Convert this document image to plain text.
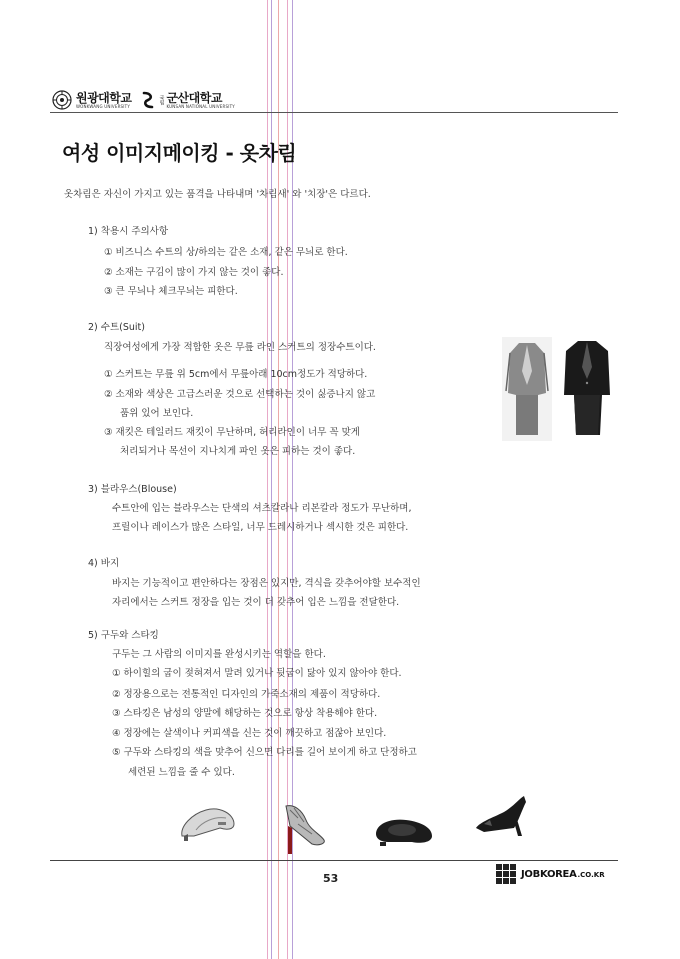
원광대학교
WONKWANG UNIVERSITY
국립 군산대학교
KUNSAN NATIONAL UNIVERSITY
여성 이미지메이킹 - 옷차림
옷차림은 자신이 가지고 있는 품격을 나타내며 '차림새' 와 '치장'은 다르다.
1) 착용시 주의사항
① 비즈니스 수트의 상/하의는 같은 소재, 같은 무늬로 한다.
② 소재는 구김이 많이 가지 않는 것이 좋다.
③ 큰 무늬나 체크무늬는 피한다.
2) 수트(Suit)
직장여성에게 가장 적합한 옷은 무릎 라인 스커트의 정장수트이다.
① 스커트는 무릎 위 5cm에서 무릎아래 10cm정도가 적당하다.
② 소재와 색상은 고급스러운 것으로 선택하는 것이 싫증나지 않고
품위 있어 보인다.
③ 재킷은 테일러드 재킷이 무난하며, 허리라인이 너무 꼭 맞게
처리되거나 목선이 지나치게 파인 옷은 피하는 것이 좋다.
3) 블라우스(Blouse)
수트안에 입는 블라우스는 단색의 셔츠칼라나 리본칼라 정도가 무난하며,
프릴이나 레이스가 많은 스타일, 너무 드레시하거나 섹시한 것은 피한다.
4) 바지
바지는 기능적이고 편안하다는 장점은 있지만, 격식을 갖추어야할 보수적인
자리에서는 스커트 정장을 입는 것이 더 갖추어 입은 느낌을 전달한다.
5) 구두와 스타킹
구두는 그 사람의 이미지를 완성시키는 역할을 한다.
① 하이힐의 굽이 젖혀져서 말려 있거나 뒷굽이 닳아 있지 않아야 한다.
② 정장용으로는 전통적인 디자인의 가죽소재의 제품이 적당하다.
③ 스타킹은 남성의 양말에 해당하는 것으로 항상 착용해야 한다.
④ 정장에는 살색이나 커피색을 신는 것이 깨끗하고 점잖아 보인다.
⑤ 구두와 스타킹의 색을 맞추어 신으면 다리를 길어 보이게 하고 단정하고
세련된 느낌을 줄 수 있다.
53	JOBKOREA .CO.KR
